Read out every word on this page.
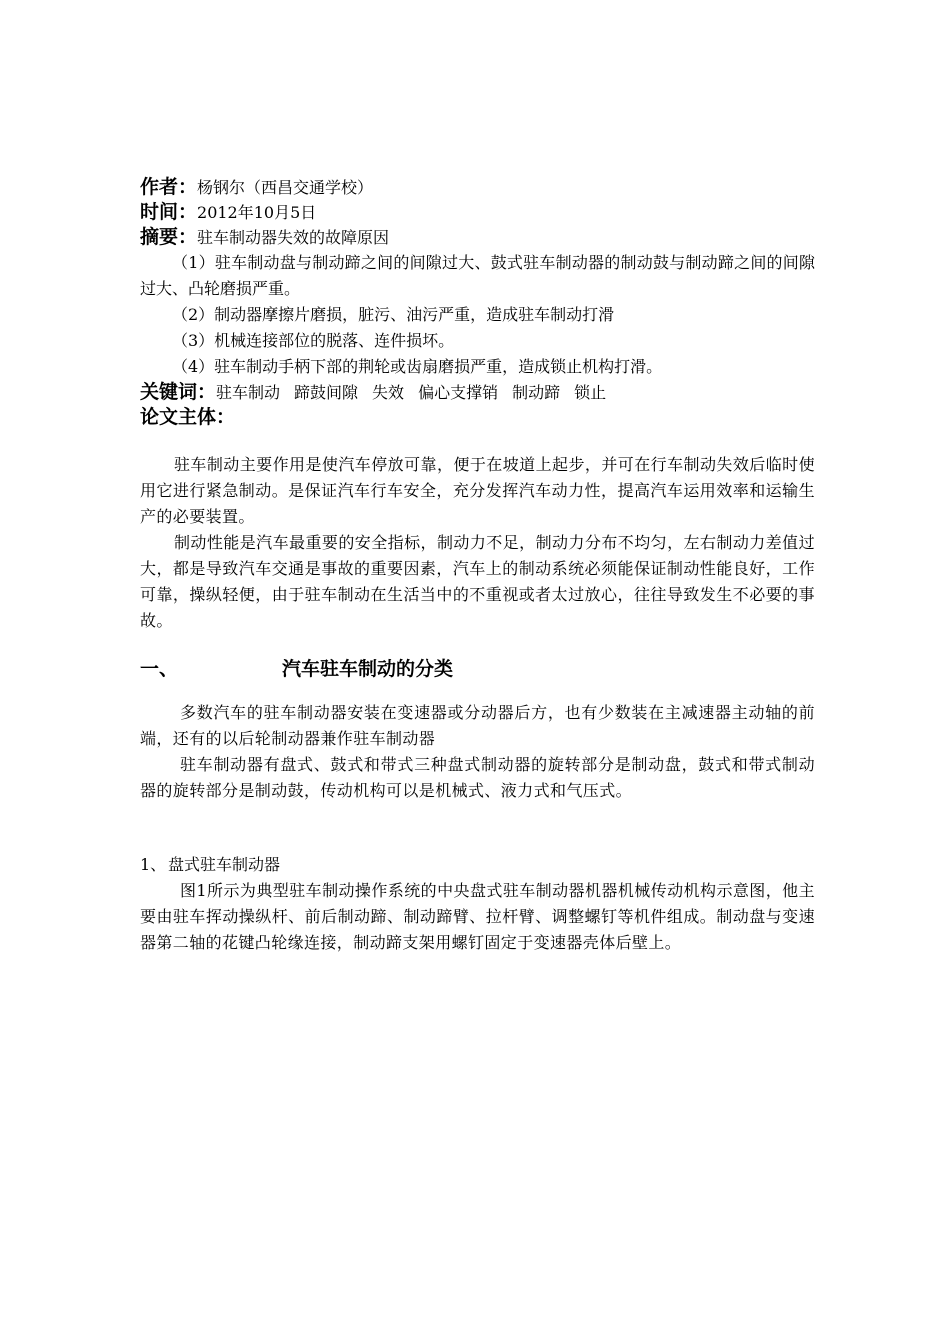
作者：杨钢尔（西昌交通学校）
时间：2012年10月5日
摘要：驻车制动器失效的故障原因
（1）驻车制动盘与制动蹄之间的间隙过大、鼓式驻车制动器的制动鼓与制动蹄之间的间隙过大、凸轮磨损严重。
（2）制动器摩擦片磨损，脏污、油污严重，造成驻车制动打滑
（3）机械连接部位的脱落、连件损坏。
（4）驻车制动手柄下部的荆轮或齿扇磨损严重，造成锁止机构打滑。
关键词：驻车制动 蹄鼓间隙 失效 偏心支撑销 制动蹄 锁止
论文主体：
驻车制动主要作用是使汽车停放可靠，便于在坡道上起步，并可在行车制动失效后临时使用它进行紧急制动。是保证汽车行车安全，充分发挥汽车动力性，提高汽车运用效率和运输生产的必要装置。
制动性能是汽车最重要的安全指标，制动力不足，制动力分布不均匀，左右制动力差值过大，都是导致汽车交通是事故的重要因素，汽车上的制动系统必须能保证制动性能良好，工作可靠，操纵轻便，由于驻车制动在生活当中的不重视或者太过放心，往往导致发生不必要的事故。
一、	汽车驻车制动的分类
多数汽车的驻车制动器安装在变速器或分动器后方，也有少数装在主减速器主动轴的前端，还有的以后轮制动器兼作驻车制动器
驻车制动器有盘式、鼓式和带式三种盘式制动器的旋转部分是制动盘，鼓式和带式制动器的旋转部分是制动鼓，传动机构可以是机械式、液力式和气压式。
1、 盘式驻车制动器
图1所示为典型驻车制动操作系统的中央盘式驻车制动器机器机械传动机构示意图，他主要由驻车挥动操纵杆、前后制动蹄、制动蹄臂、拉杆臂、调整螺钉等机件组成。制动盘与变速器第二轴的花键凸轮缘连接，制动蹄支架用螺钉固定于变速器壳体后壁上。
